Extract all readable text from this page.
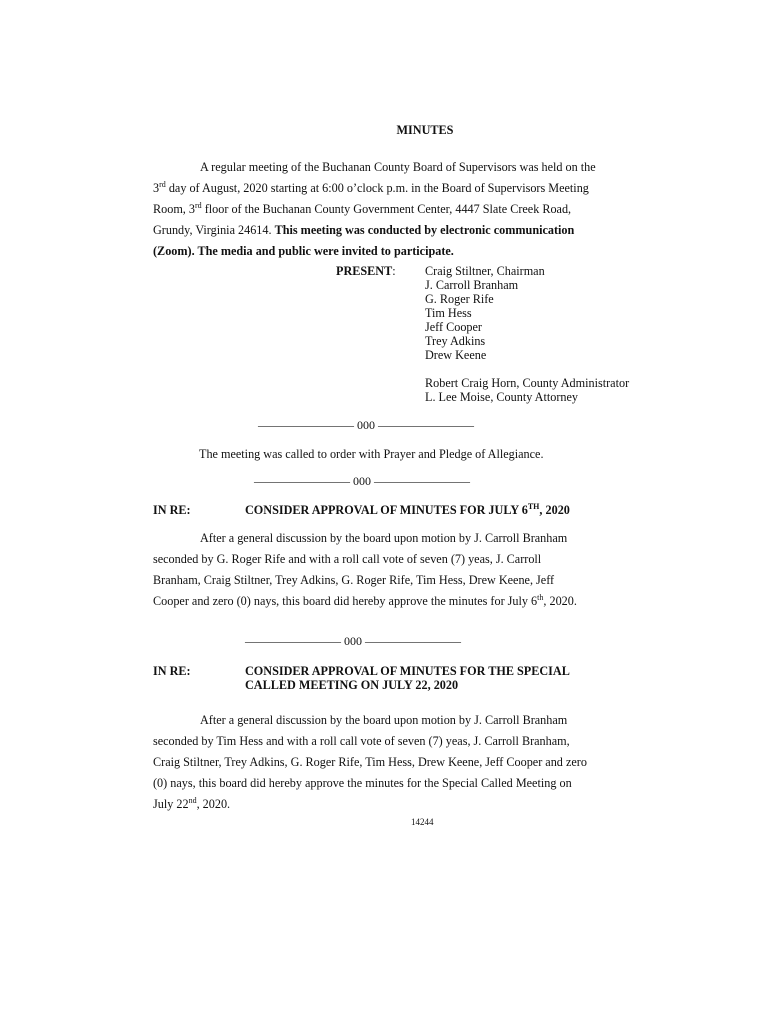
MINUTES
A regular meeting of the Buchanan County Board of Supervisors was held on the
3rd day of August, 2020 starting at 6:00 o’clock p.m. in the Board of Supervisors Meeting
Room, 3rd floor of the Buchanan County Government Center, 4447 Slate Creek Road,
Grundy, Virginia 24614. This meeting was conducted by electronic communication
(Zoom). The media and public were invited to participate.
PRESENT: Craig Stiltner, Chairman
J. Carroll Branham
G. Roger Rife
Tim Hess
Jeff Cooper
Trey Adkins
Drew Keene
Robert Craig Horn, County Administrator
L. Lee Moise, County Attorney
———————— 000 ————————
The meeting was called to order with Prayer and Pledge of Allegiance.
———————— 000 ————————
IN RE:	CONSIDER APPROVAL OF MINUTES FOR JULY 6TH, 2020
After a general discussion by the board upon motion by J. Carroll Branham
seconded by G. Roger Rife and with a roll call vote of seven (7) yeas, J. Carroll
Branham, Craig Stiltner, Trey Adkins, G. Roger Rife, Tim Hess, Drew Keene, Jeff
Cooper and zero (0) nays, this board did hereby approve the minutes for July 6th, 2020.
———————— 000 ————————
IN RE:	CONSIDER APPROVAL OF MINUTES FOR THE SPECIAL
CALLED MEETING ON JULY 22, 2020
After a general discussion by the board upon motion by J. Carroll Branham
seconded by Tim Hess and with a roll call vote of seven (7) yeas, J. Carroll Branham,
Craig Stiltner, Trey Adkins, G. Roger Rife, Tim Hess, Drew Keene, Jeff Cooper and zero
(0) nays, this board did hereby approve the minutes for the Special Called Meeting on
July 22nd, 2020.
14244
